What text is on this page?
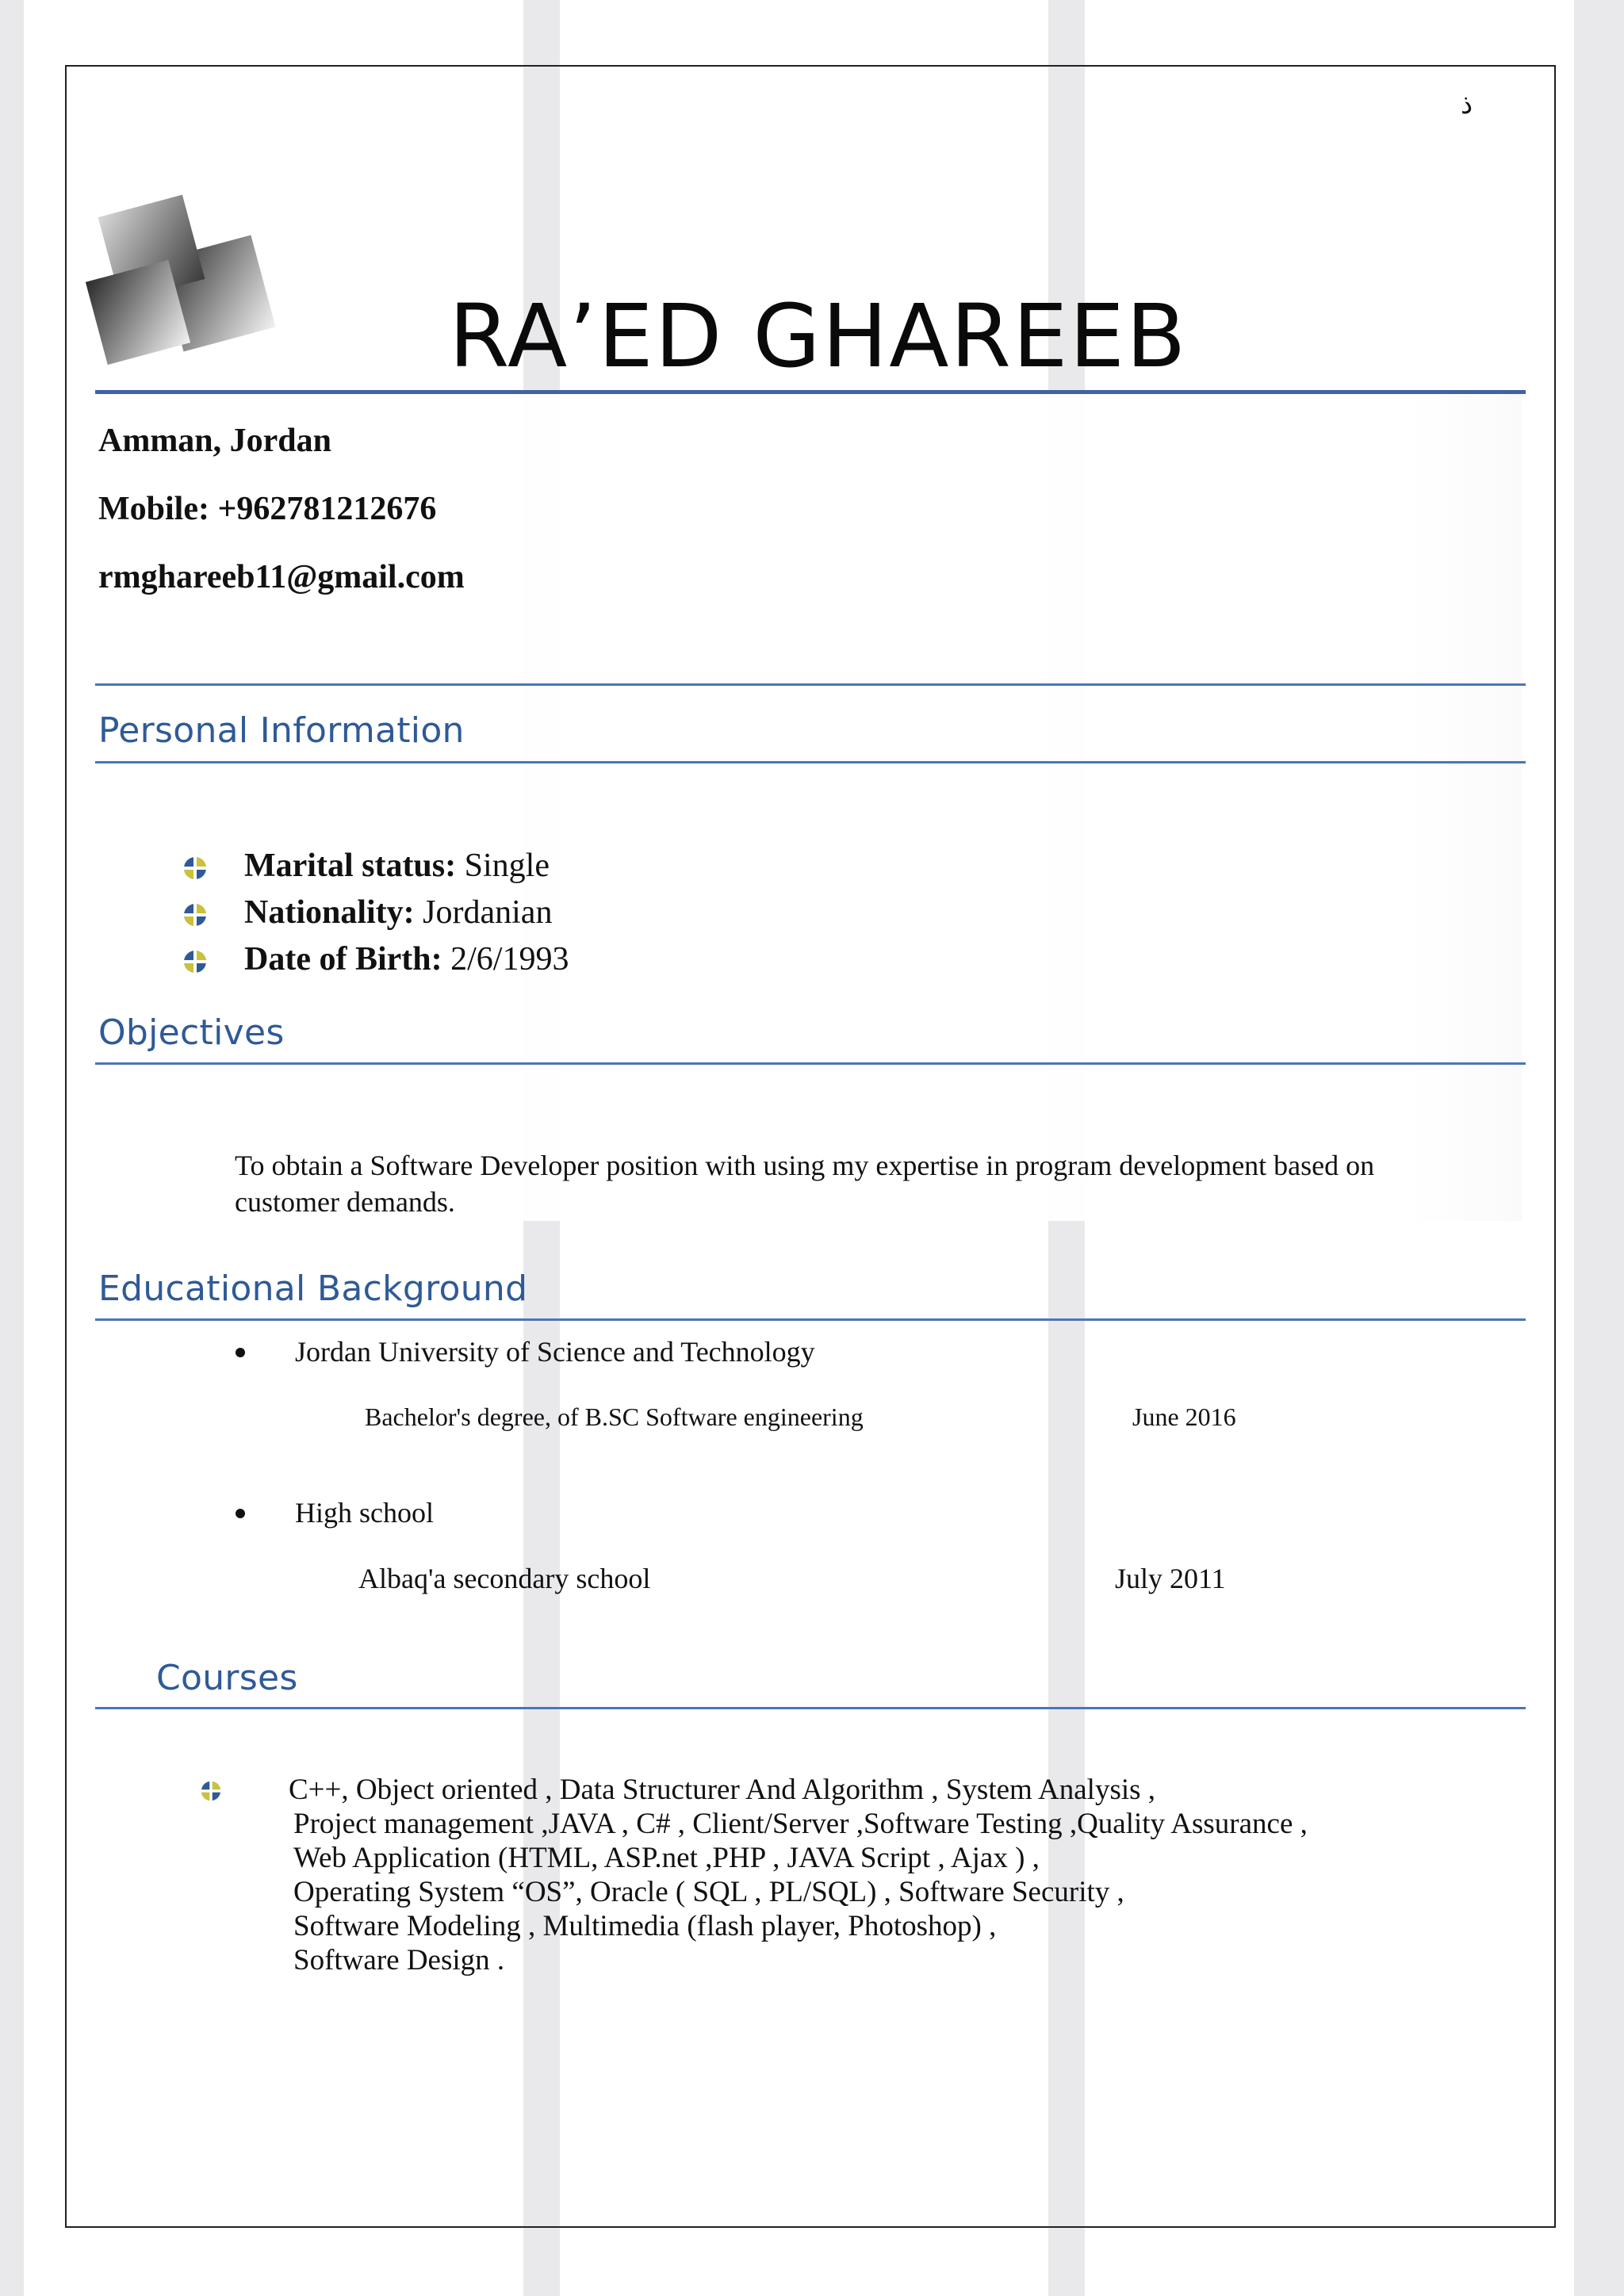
ذ
RA’ED GHAREEB
Amman, Jordan
Mobile: +962781212676
rmghareeb11@gmail.com
Personal Information
Marital status: Single
Nationality: Jordanian
Date of Birth: 2/6/1993
Objectives
To obtain a Software Developer position with using my expertise in program development based on customer demands.
Educational Background
Jordan University of Science and Technology
Bachelor's degree, of B.SC Software engineering	June 2016
High school
Albaq'a secondary school	July 2011
Courses
C++, Object oriented , Data Structurer And Algorithm , System Analysis ,
Project management ,JAVA , C# , Client/Server ,Software Testing ,Quality Assurance ,
Web Application (HTML, ASP.net ,PHP , JAVA Script , Ajax ) ,
Operating System “OS”, Oracle ( SQL , PL/SQL) , Software Security ,
Software Modeling , Multimedia (flash player, Photoshop) ,
Software Design .
